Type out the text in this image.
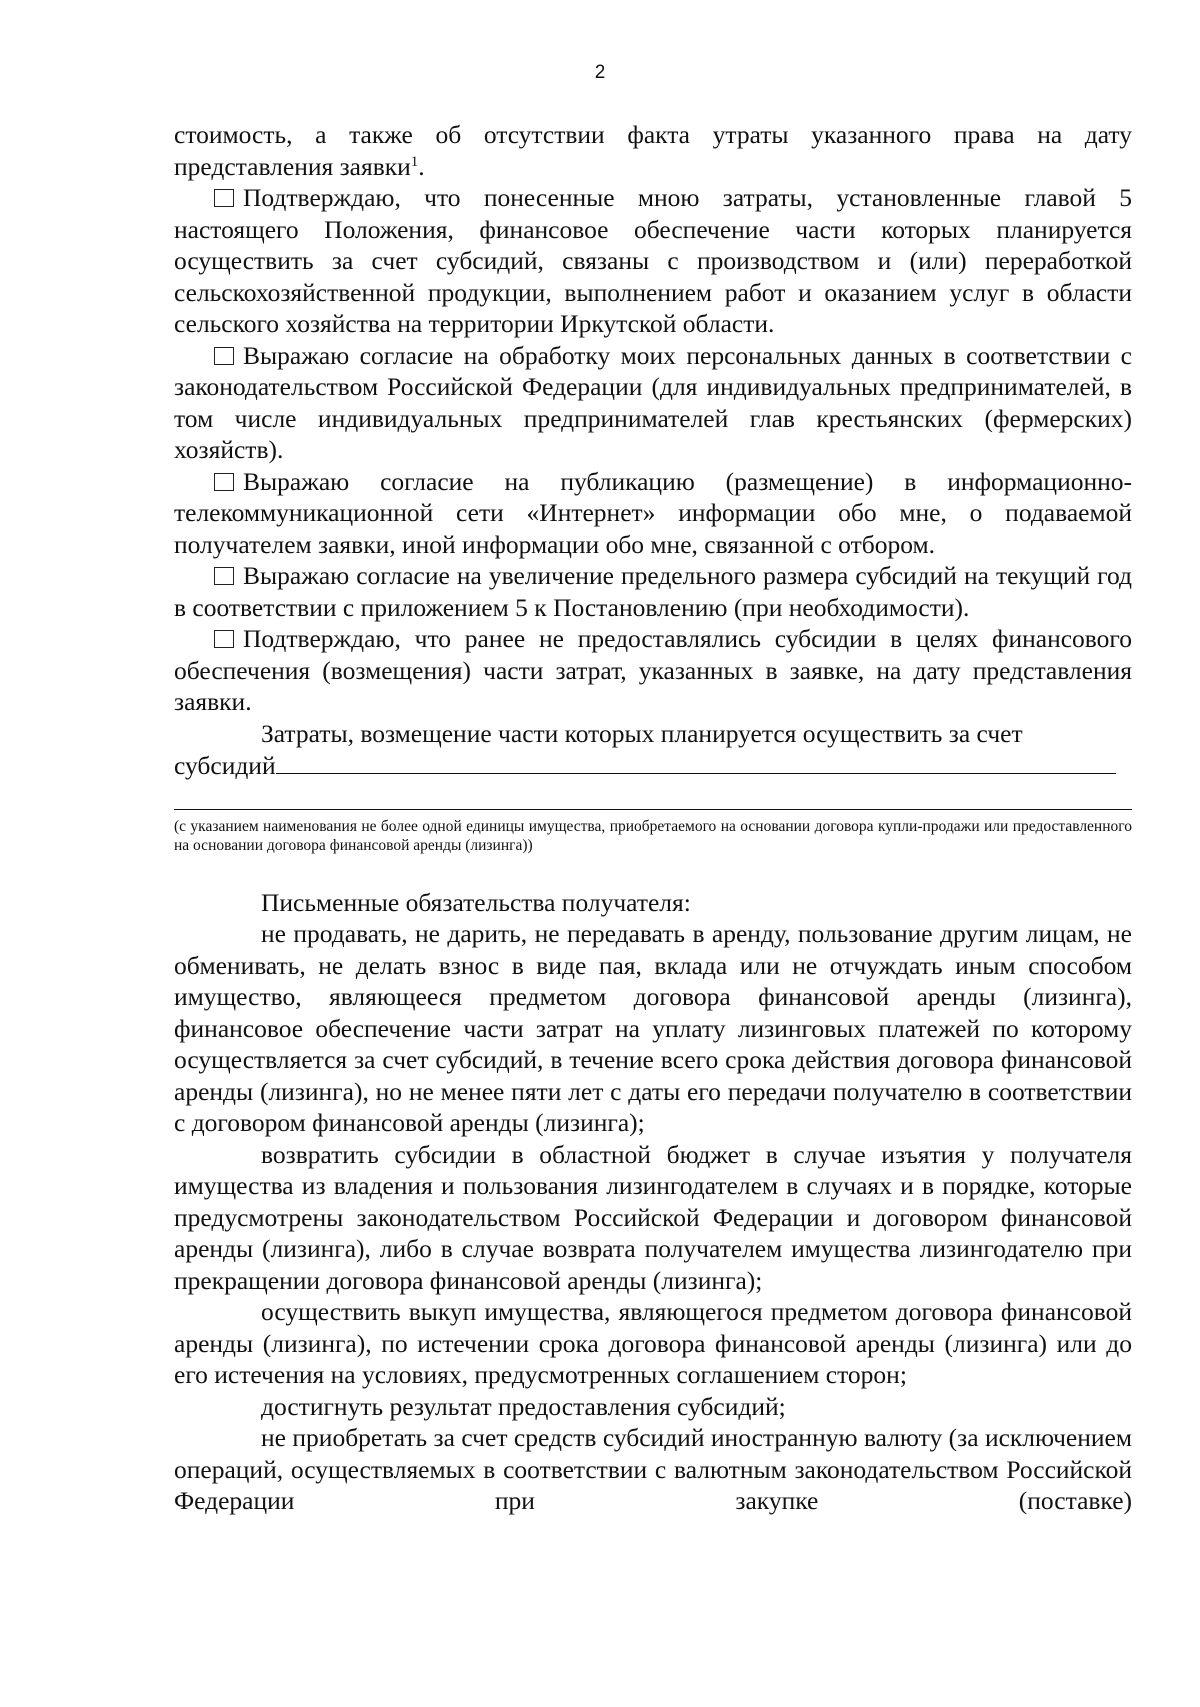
2

стоимость, а также об отсутствии факта утраты указанного права на дату представления заявки$^1$.

Подтверждаю, что понесенные мною затраты, установленные главой 5 настоящего Положения, финансовое обеспечение части которых планируется осуществить за счет субсидий, связаны с производством и (или) переработкой сельскохозяйственной продукции, выполнением работ и оказанием услуг в области сельского хозяйства на территории Иркутской области.

Выражаю согласие на обработку моих персональных данных в соответствии с законодательством Российской Федерации (для индивидуальных предпринимателей, в том числе индивидуальных предпринимателей глав крестьянских (фермерских) хозяйств).

Выражаю согласие на публикацию (размещение) в информационно-телекоммуникационной сети «Интернет» информации обо мне, о подаваемой получателем заявки, иной информации обо мне, связанной с отбором.

Выражаю согласие на увеличение предельного размера субсидий на текущий год в соответствии с приложением 5 к Постановлению (при необходимости).

Подтверждаю, что ранее не предоставлялись субсидии в целях финансового обеспечения (возмещения) части затрат, указанных в заявке, на дату представления заявки.

Затраты, возмещение части которых планируется осуществить за счет

субсидий

(с указанием наименования не более одной единицы имущества, приобретаемого на основании договора купли-продажи или предоставленного на основании договора финансовой аренды (лизинга))

Письменные обязательства получателя:

не продавать, не дарить, не передавать в аренду, пользование другим лицам, не обменивать, не делать взнос в виде пая, вклада или не отчуждать иным способом имущество, являющееся предметом договора финансовой аренды (лизинга), финансовое обеспечение части затрат на уплату лизинговых платежей по которому осуществляется за счет субсидий, в течение всего срока действия договора финансовой аренды (лизинга), но не менее пяти лет с даты его передачи получателю в соответствии с договором финансовой аренды (лизинга);

возвратить субсидии в областной бюджет в случае изъятия у получателя имущества из владения и пользования лизингодателем в случаях и в порядке, которые предусмотрены законодательством Российской Федерации и договором финансовой аренды (лизинга), либо в случае возврата получателем имущества лизингодателю при прекращении договора финансовой аренды (лизинга);

осуществить выкуп имущества, являющегося предметом договора финансовой аренды (лизинга), по истечении срока договора финансовой аренды (лизинга) или до его истечения на условиях, предусмотренных соглашением сторон;

достигнуть результат предоставления субсидий;

не приобретать за счет средств субсидий иностранную валюту (за исключением операций, осуществляемых в соответствии с валютным законодательством Российской Федерации при закупке (поставке)
